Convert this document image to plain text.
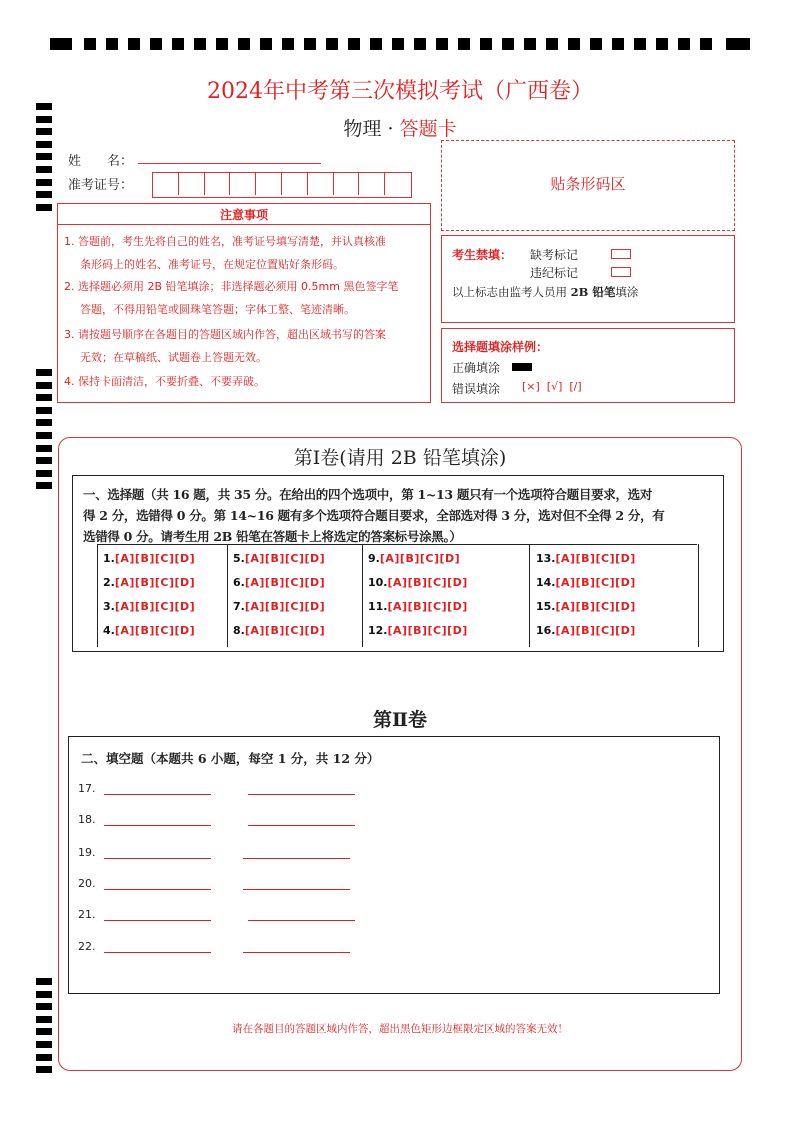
2024年中考第三次模拟考试（广西卷）
物理 · 答题卡
姓　　名：
准考证号：	贴条形码区
注意事项
1. 答题前，考生先将自己的姓名，准考证号填写清楚，并认真核准
条形码上的姓名、准考证号，在规定位置贴好条形码。
2. 选择题必须用 2B 铅笔填涂；非选择题必须用 0.5mm 黑色签字笔
答题，不得用铅笔或圆珠笔答题；字体工整、笔迹清晰。
3. 请按题号顺序在各题目的答题区域内作答，超出区域书写的答案
无效；在草稿纸、试题卷上答题无效。
4. 保持卡面清洁，不要折叠、不要弄破。
考生禁填： 缺考标记
违纪标记
以上标志由监考人员用 2B 铅笔填涂
选择题填涂样例：
正确填涂
错误填涂 [×]  [√]  [/]
第Ⅰ卷(请用 2B 铅笔填涂)
一、选择题（共 16 题，共 35 分。在给出的四个选项中，第 1~13 题只有一个选项符合题目要求，选对
得 2 分，选错得 0 分。第 14~16 题有多个选项符合题目要求，全部选对得 3 分，选对但不全得 2 分，有
选错得 0 分。请考生用 2B 铅笔在答题卡上将选定的答案标号涂黑。）
1.[A][B][C][D]
2.[A][B][C][D]
3.[A][B][C][D]
4.[A][B][C][D]
5.[A][B][C][D]
6.[A][B][C][D]
7.[A][B][C][D]
8.[A][B][C][D]
9.[A][B][C][D]
10.[A][B][C][D]
11.[A][B][C][D]
12.[A][B][C][D]
13.[A][B][C][D]
14.[A][B][C][D]
15.[A][B][C][D]
16.[A][B][C][D]
第Ⅱ卷
二、填空题（本题共 6 小题，每空 1 分，共 12 分）
17.
18.
19.
20.
21.
22.
请在各题目的答题区域内作答，超出黑色矩形边框限定区域的答案无效！
